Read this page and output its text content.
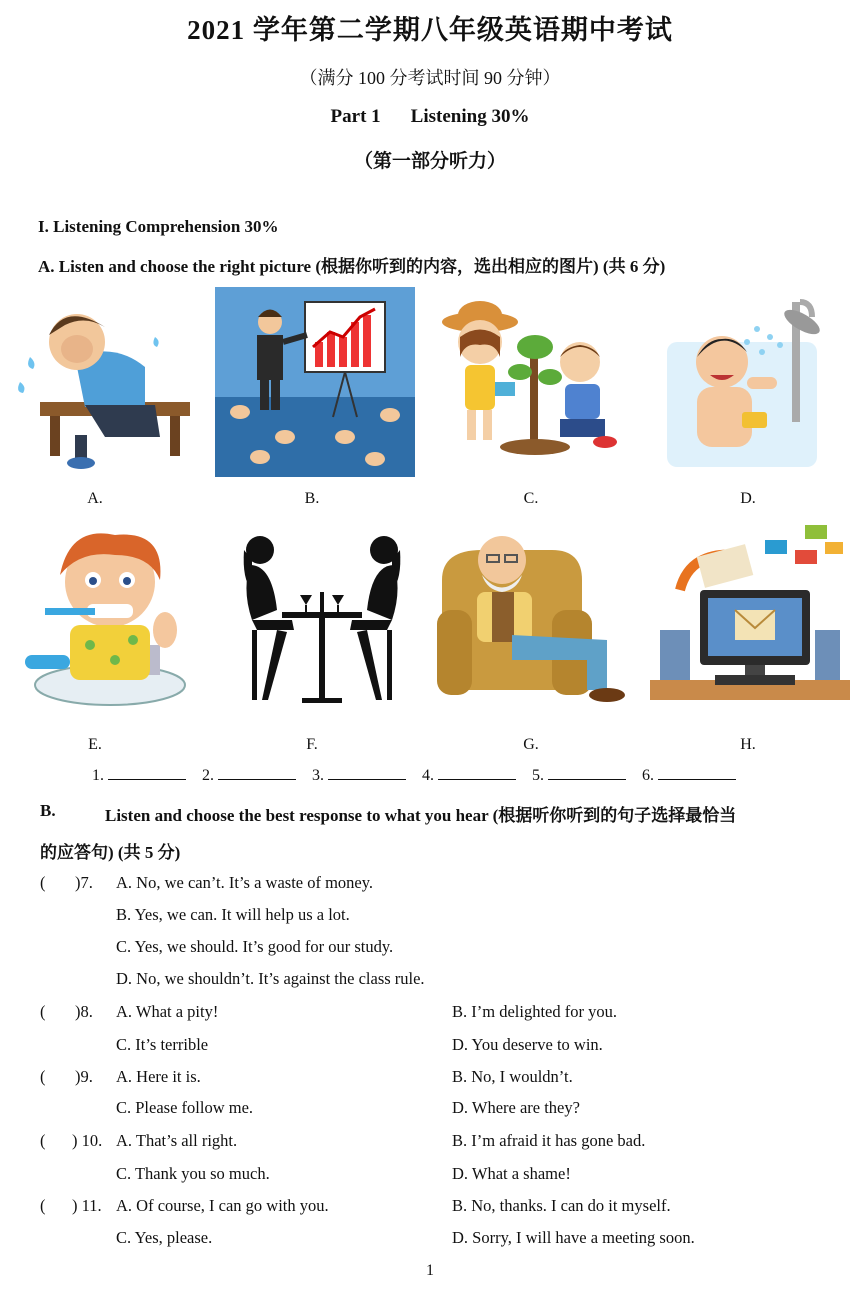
2021 学年第二学期八年级英语期中考试
（满分 100 分考试时间 90 分钟）
Part 1 Listening 30%
（第一部分听力）
I. Listening Comprehension 30%
A. Listen and choose the right picture (根据你听到的内容，选出相应的图片) (共 6 分)
A.	B.	C.	D.
E.	F.	G.	H.
1.	2.	3.	4.	5.	6.
B.	Listen and choose the best response to what you hear (根据听你听到的句子选择最恰当
的应答句) (共 5 分)
( )7. A. No, we can’t. It’s a waste of money.
B. Yes, we can. It will help us a lot.
C. Yes, we should. It’s good for our study.
D. No, we shouldn’t. It’s against the class rule.
( )8. A. What a pity!	B. I’m delighted for you.
C. It’s terrible	D. You deserve to win.
( )9. A. Here it is.	B. No, I wouldn’t.
C. Please follow me.	D. Where are they?
( ) 10. A. That’s all right.	B. I’m afraid it has gone bad.
C. Thank you so much.	D. What a shame!
( ) 11. A. Of course, I can go with you.	B. No, thanks. I can do it myself.
C. Yes, please.	D. Sorry, I will have a meeting soon.
1
